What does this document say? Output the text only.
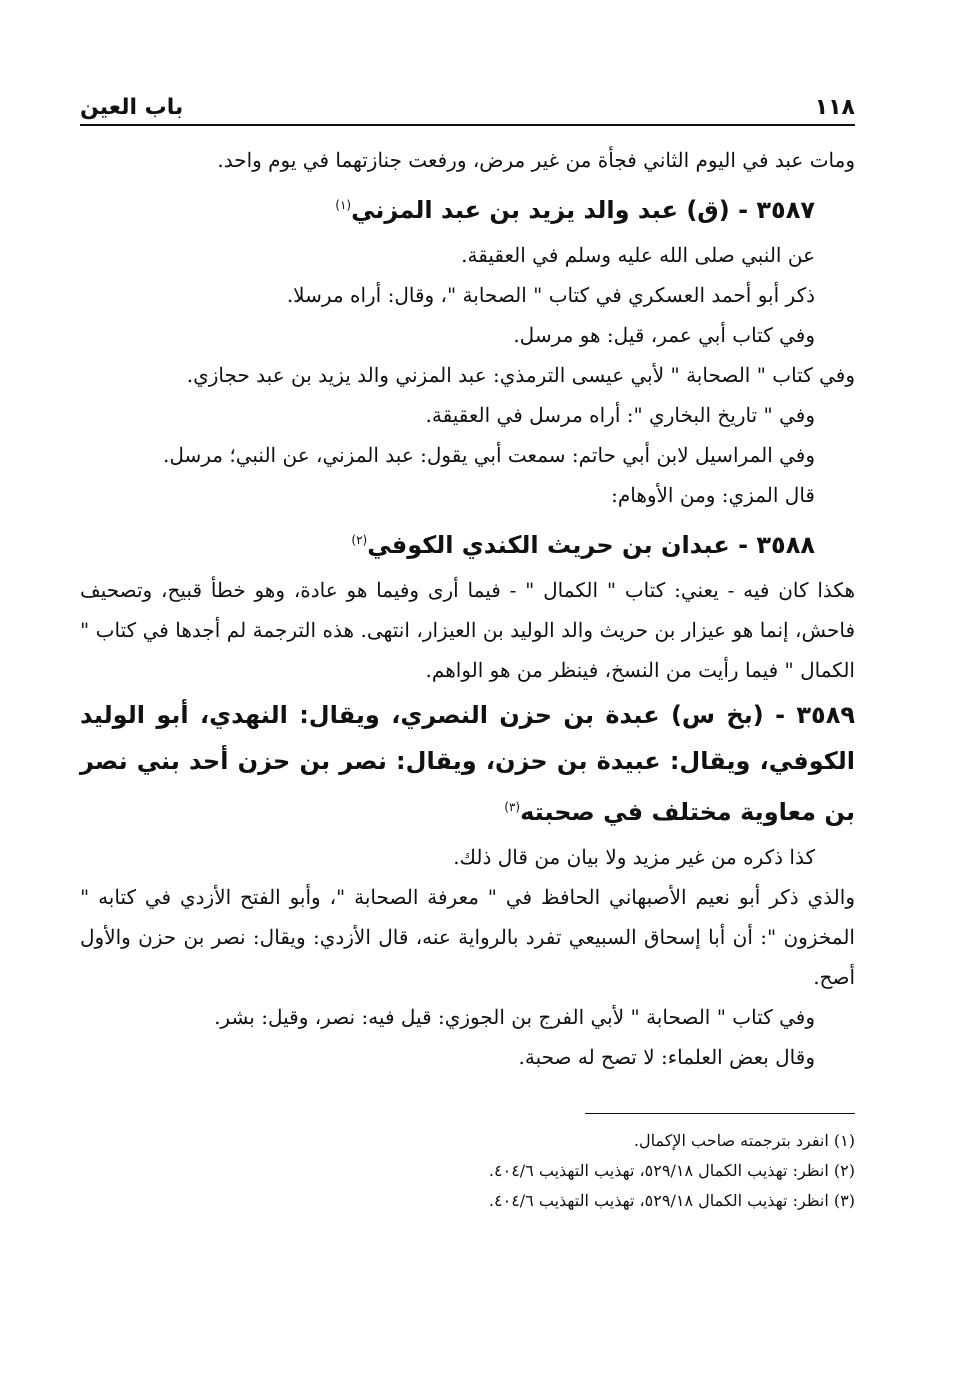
١١٨
باب العين

ومات عبد في اليوم الثاني فجأة من غير مرض، ورفعت جنازتهما في يوم واحد.

٣٥٨٧ - (ق) عبد والد يزيد بن عبد المزني$^{(١)}$

عن النبي صلى الله عليه وسلم في العقيقة.

ذكر أبو أحمد العسكري في كتاب " الصحابة "، وقال: أراه مرسلا.

وفي كتاب أبي عمر، قيل: هو مرسل.

وفي كتاب " الصحابة " لأبي عيسى الترمذي: عبد المزني والد يزيد بن عبد حجازي.

وفي " تاريخ البخاري ": أراه مرسل في العقيقة.

وفي المراسيل لابن أبي حاتم: سمعت أبي يقول: عبد المزني، عن النبي؛ مرسل.

قال المزي: ومن الأوهام:

٣٥٨٨ - عبدان بن حريث الكندي الكوفي$^{(٢)}$

هكذا كان فيه - يعني: كتاب " الكمال " - فيما أرى وفيما هو عادة، وهو خطأ قبيح، وتصحيف فاحش، إنما هو عيزار بن حريث والد الوليد بن العيزار، انتهى. هذه الترجمة لم أجدها في كتاب " الكمال " فيما رأيت من النسخ، فينظر من هو الواهم.

٣٥٨٩ - (بخ س) عبدة بن حزن النصري، ويقال: النهدي، أبو الوليد الكوفي، ويقال: عبيدة بن حزن، ويقال: نصر بن حزن أحد بني نصر بن معاوية مختلف في صحبته$^{(٣)}$

كذا ذكره من غير مزيد ولا بيان من قال ذلك.

والذي ذكر أبو نعيم الأصبهاني الحافظ في " معرفة الصحابة "، وأبو الفتح الأزدي في كتابه " المخزون ": أن أبا إسحاق السبيعي تفرد بالرواية عنه، قال الأزدي: ويقال: نصر بن حزن والأول أصح.

وفي كتاب " الصحابة " لأبي الفرج بن الجوزي: قيل فيه: نصر، وقيل: بشر.

وقال بعض العلماء: لا تصح له صحبة.

(١) انفرد بترجمته صاحب الإكمال.

(٢) انظر: تهذيب الكمال ٥٢٩/١٨، تهذيب التهذيب ٤٠٤/٦.

(٣) انظر: تهذيب الكمال ٥٢٩/١٨، تهذيب التهذيب ٤٠٤/٦.
